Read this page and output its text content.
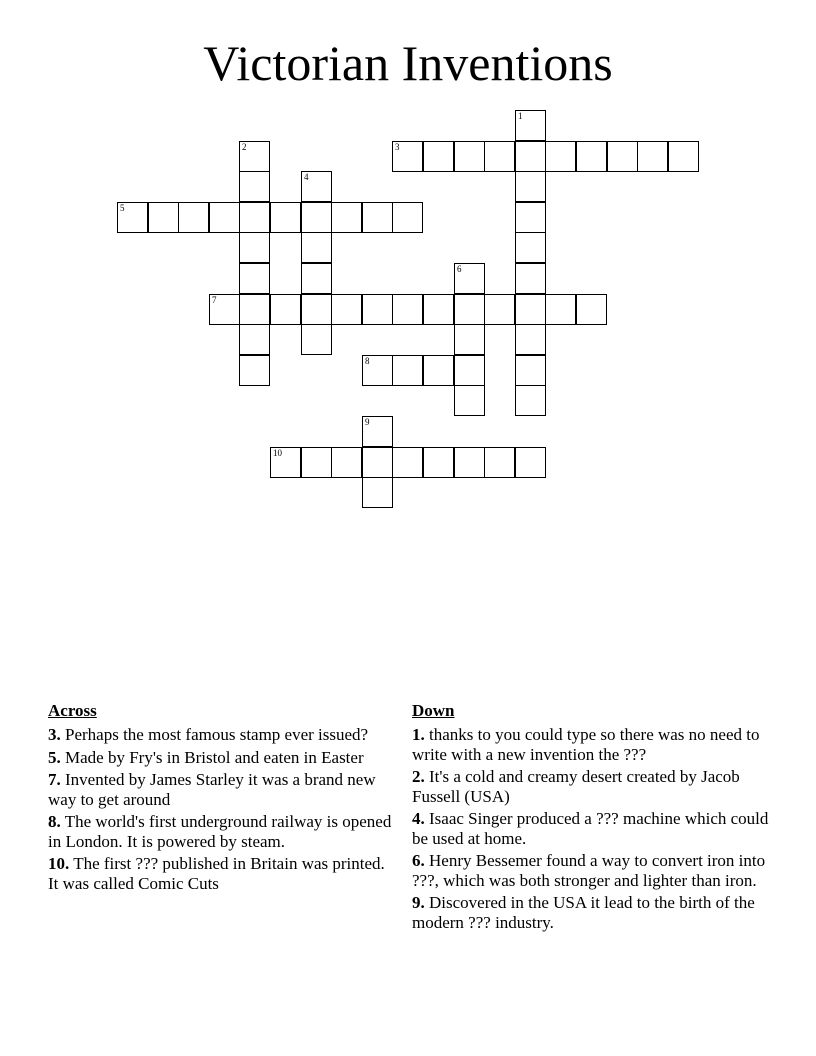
Victorian Inventions
1
2	3
4
5
6
7
8
9
10
Across
3. Perhaps the most famous stamp ever issued?
5. Made by Fry's in Bristol and eaten in Easter
7. Invented by James Starley it was a brand new way to get around
8. The world's first underground railway is opened in London. It is powered by steam.
10. The first ??? published in Britain was printed. It was called Comic Cuts
Down
1. thanks to you could type so there was no need to write with a new invention the ???
2. It's a cold and creamy desert created by Jacob Fussell (USA)
4. Isaac Singer produced a ??? machine which could be used at home.
6. Henry Bessemer found a way to convert iron into ???, which was both stronger and lighter than iron.
9. Discovered in the USA it lead to the birth of the modern ??? industry.
